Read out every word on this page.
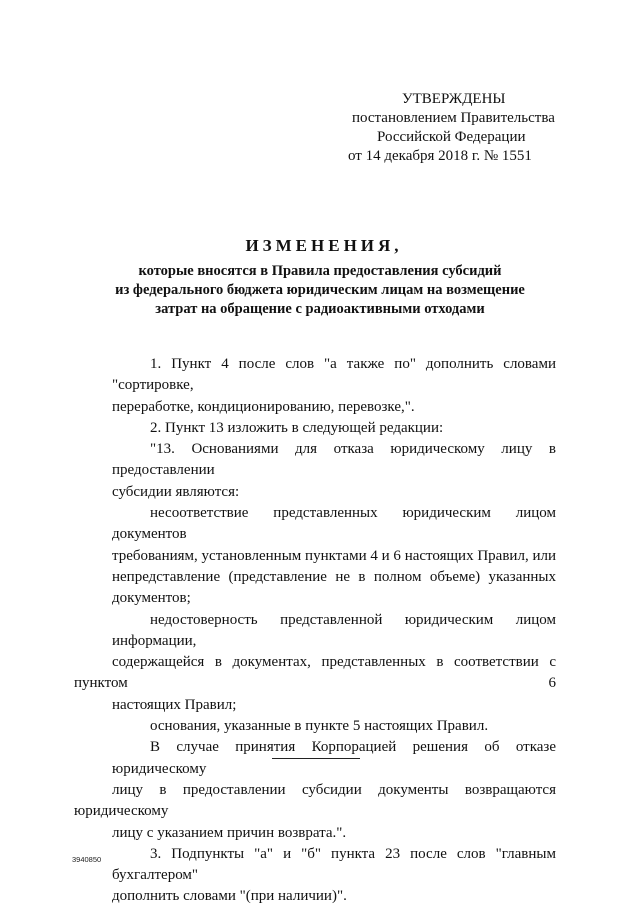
УТВЕРЖДЕНЫ
постановлением Правительства
Российской Федерации
от 14 декабря 2018 г. № 1551
ИЗМЕНЕНИЯ,
которые вносятся в Правила предоставления субсидий
из федерального бюджета юридическим лицам на возмещение
затрат на обращение с радиоактивными отходами
1. Пункт 4 после слов "а также по" дополнить словами "сортировке,
переработке, кондиционированию, перевозке,".
2. Пункт 13 изложить в следующей редакции:
"13. Основаниями для отказа юридическому лицу в предоставлении
субсидии являются:
несоответствие представленных юридическим лицом документов
требованиям, установленным пунктами 4 и 6 настоящих Правил, или
непредставление (представление не в полном объеме) указанных
документов;
недостоверность представленной юридическим лицом информации,
содержащейся в документах, представленных в соответствии с пунктом 6
настоящих Правил;
основания, указанные в пункте 5 настоящих Правил.
В случае принятия Корпорацией решения об отказе юридическому
лицу в предоставлении субсидии документы возвращаются юридическому
лицу с указанием причин возврата.".
3. Подпункты "а" и "б" пункта 23 после слов "главным бухгалтером"
дополнить словами "(при наличии)".
3940850
